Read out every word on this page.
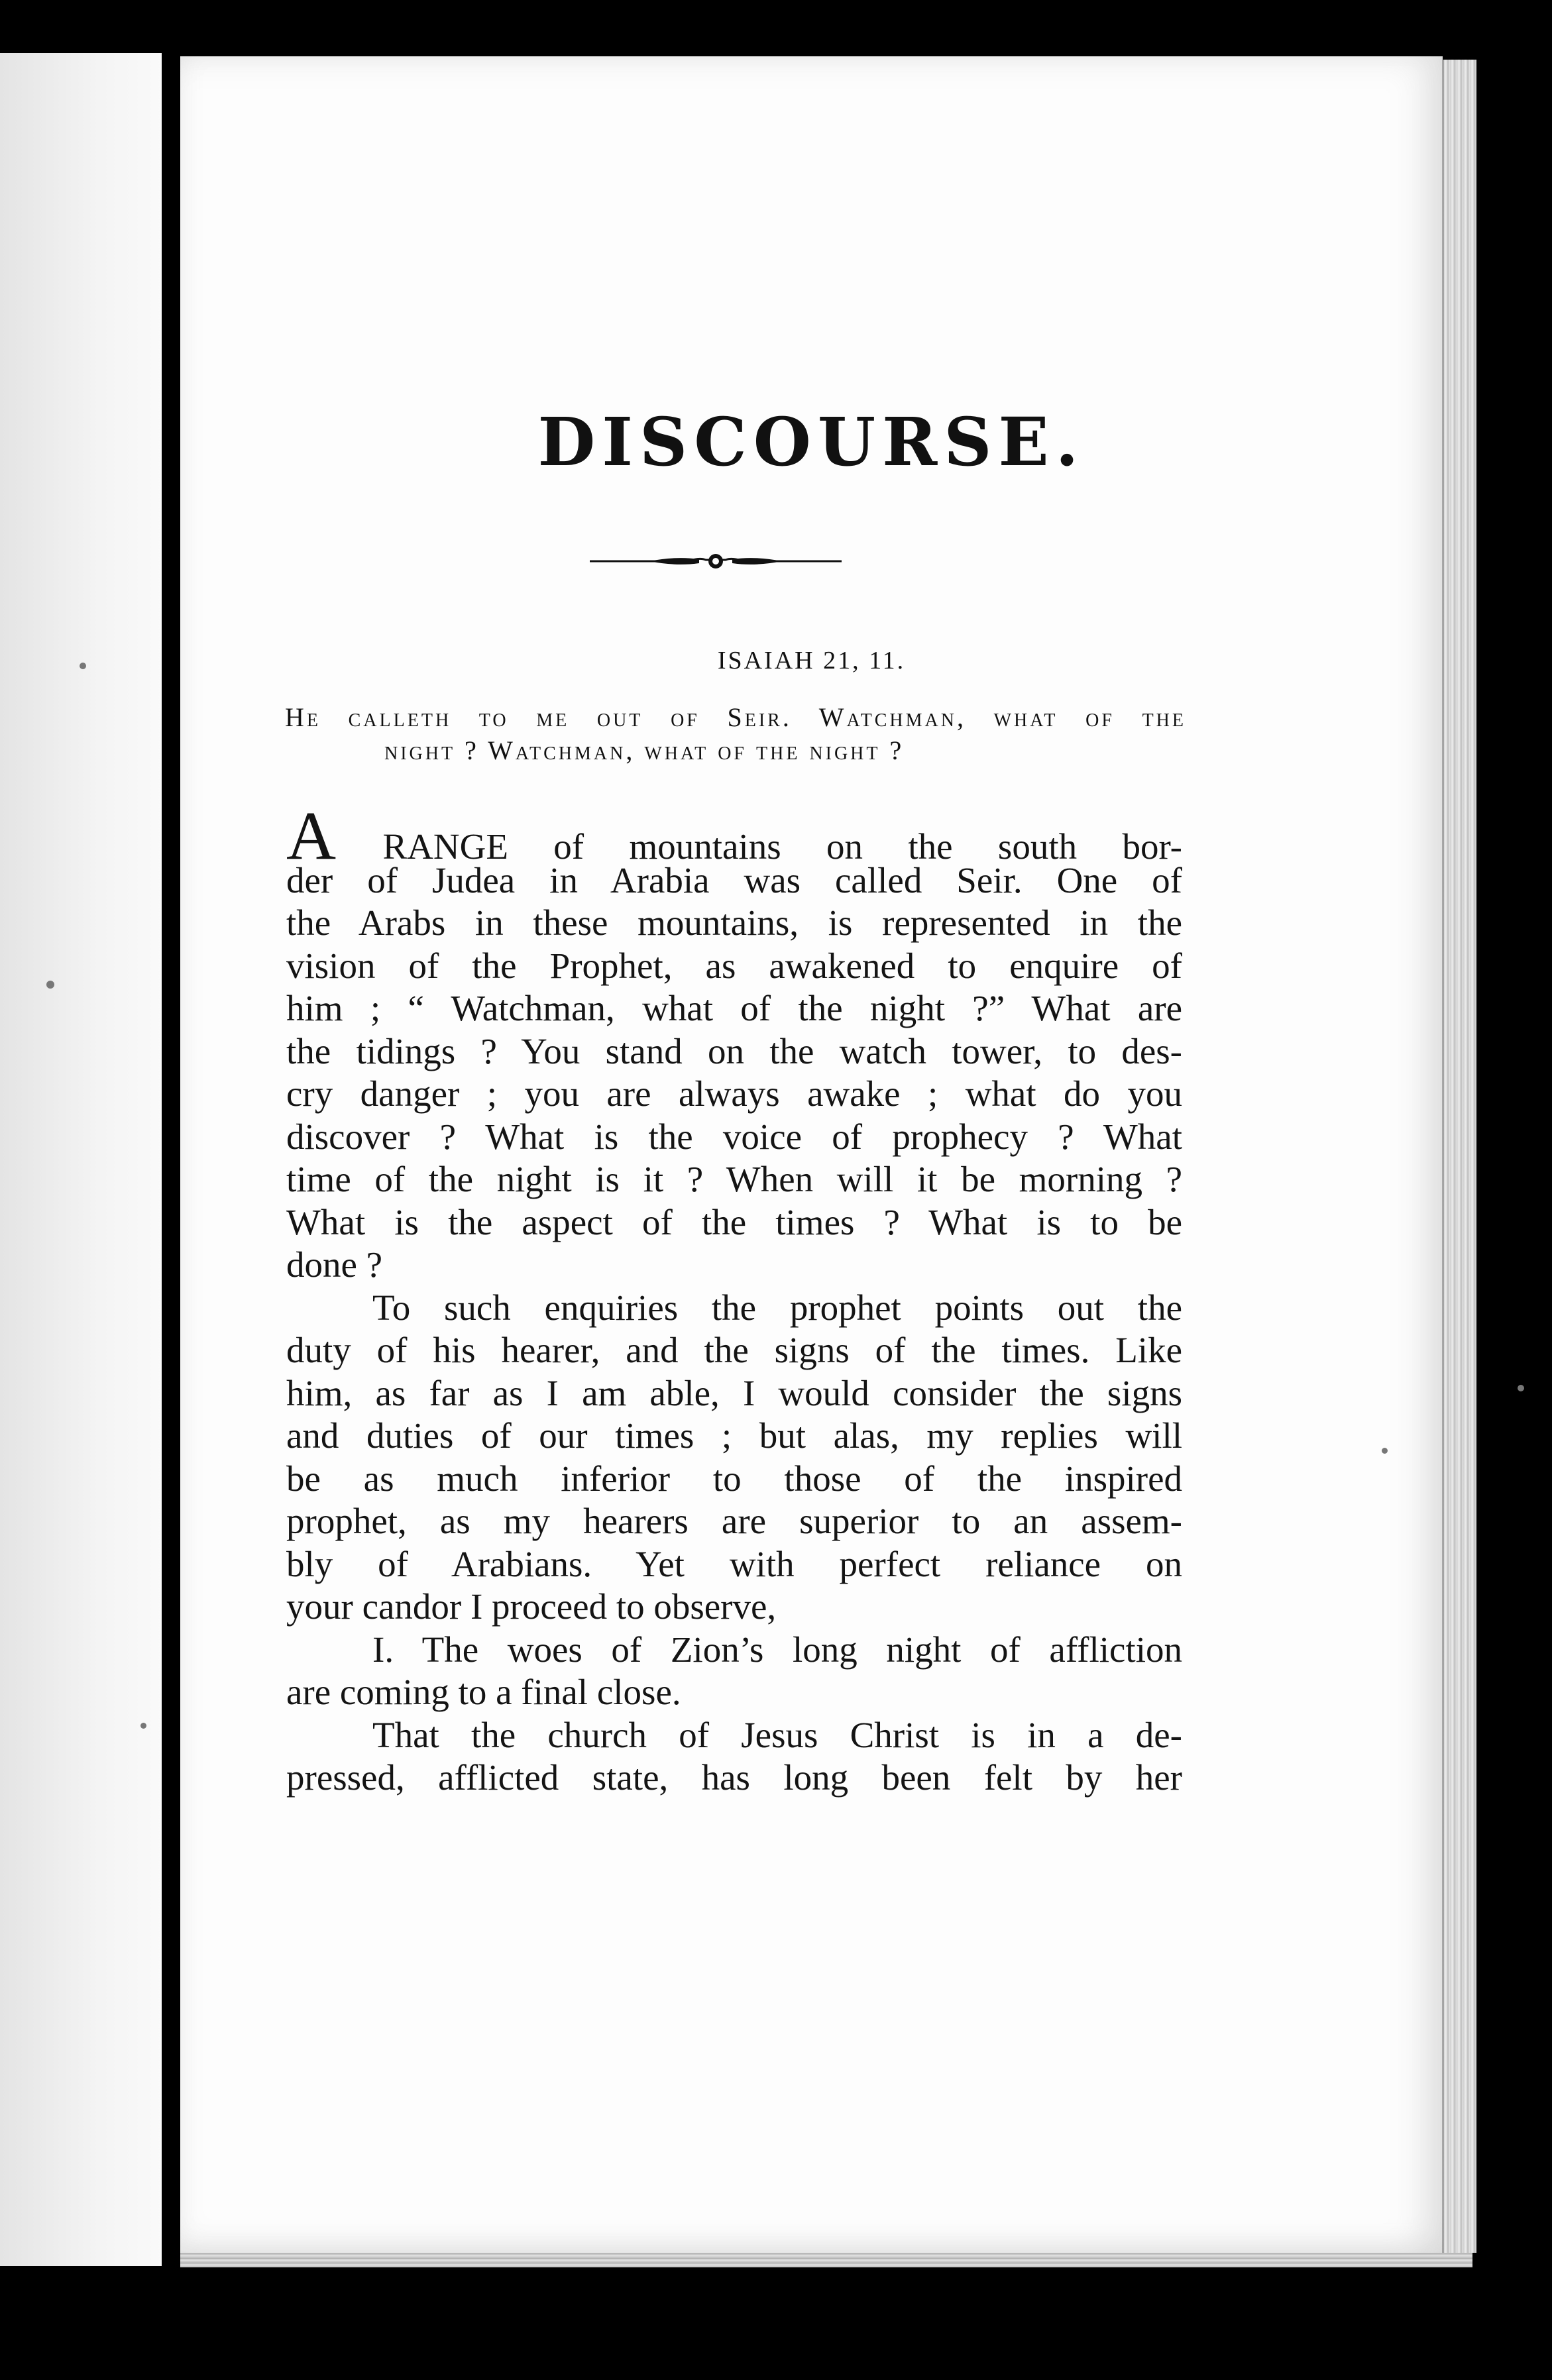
DISCOURSE.
ISAIAH 21, 11.
He calleth to me out of Seir. Watchman, what of the
night ? Watchman, what of the night ?
A RANGE of mountains on the south bor-
der of Judea in Arabia was called Seir. One of
the Arabs in these mountains, is represented in the
vision of the Prophet, as awakened to enquire of
him ; “ Watchman, what of the night ?” What are
the tidings ? You stand on the watch tower, to des-
cry danger ; you are always awake ; what do you
discover ? What is the voice of prophecy ? What
time of the night is it ? When will it be morning ?
What is the aspect of the times ? What is to be
done ?
To such enquiries the prophet points out the
duty of his hearer, and the signs of the times. Like
him, as far as I am able, I would consider the signs
and duties of our times ; but alas, my replies will
be as much inferior to those of the inspired
prophet, as my hearers are superior to an assem-
bly of Arabians. Yet with perfect reliance on
your candor I proceed to observe,
I. The woes of Zion’s long night of affliction
are coming to a final close.
That the church of Jesus Christ is in a de-
pressed, afflicted state, has long been felt by her
